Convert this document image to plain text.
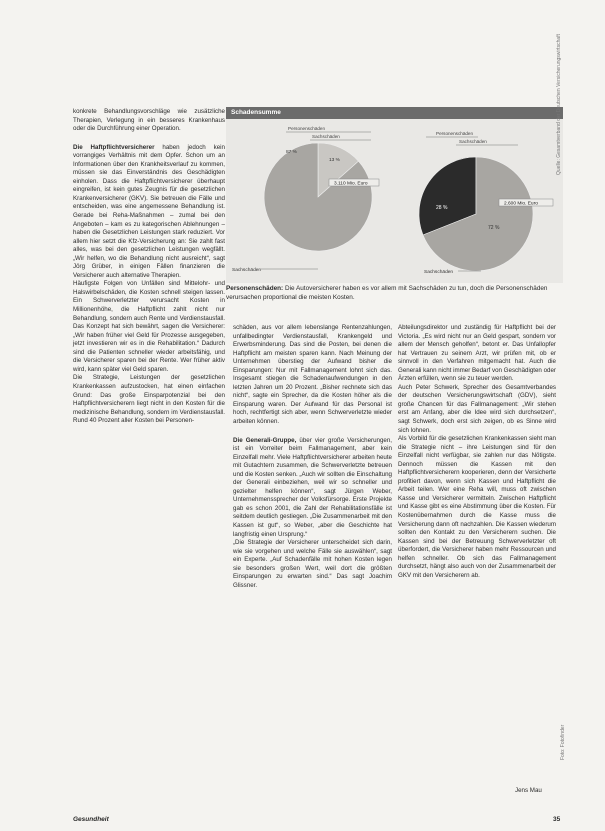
konkrete Behandlungsvorschläge wie zusätzliche Therapien, Verlegung in ein besseres Krankenhaus oder die Durchführung einer Operation.

Die Haftpflichtversicherer haben jedoch kein vorrangiges Verhältnis mit dem Opfer. Schon um an Informationen über den Krankheitsverlauf zu kommen, müssen sie das Einverständnis des Geschädigten einholen. Dass die Haftpflichtversicherer überhaupt eingreifen, ist kein gutes Zeugnis für die gesetzlichen Krankenversicherer (GKV). Sie betreuen die Fälle und entscheiden, was eine angemessene Behandlung ist. Gerade bei Reha-Maßnahmen – zumal bei den Angeboten – kam es zu kategorischen Ablehnungen – haben die Gesetzlichen Leistungen stark reduziert. Vor allem hier setzt die Kfz-Versicherung an: Sie zahlt fast alles, was bei den gesetzlichen Leistungen wegfällt. „Wir helfen, wo die Behandlung nicht ausreicht“, sagt Jörg Grüber, in einigen Fällen finanzieren die Versicherer auch alternative Therapien.
Häufigste Folgen von Unfällen sind Mittelohr- und Halswirbelschäden, die Kosten schnell steigen lassen. Ein Schwerverletzter verursacht Kosten in Millionenhöhe, die Haftpflicht zahlt nicht nur Behandlung, sondern auch Rente und Verdienstausfall. Das Konzept hat sich bewährt, sagen die Versicherer: „Wir haben früher viel Geld für Prozesse ausgegeben, jetzt investieren wir es in die Rehabilitation.“ Dadurch sind die Patienten schneller wieder arbeitsfähig, und die Versicherer sparen bei der Rente. Wer früher aktiv wird, kann später viel Geld sparen.
Die Strategie, Leistungen der gesetzlichen Krankenkassen aufzustocken, hat einen einfachen Grund: Das große Einsparpotenzial bei den Haftpflichtversicherern liegt nicht in den Kosten für die medizinische Behandlung, sondern im Verdienstausfall. Rund 40 Prozent aller Kosten bei Personen-

Schadensumme
Personenschäden
Sachschäden
13 %
87 %
3.110 Mio. Euro
Sachschäden
Personenschäden
Sachschäden
28 %
72 %
2.600 Mio. Euro
Sachschäden
Personenschäden: Die Autoversicherer haben es vor allem mit Sachschäden zu tun, doch die Personenschäden verursachen proportional die meisten Kosten.
Quelle: Gesamtverband der Deutschen Versicherungswirtschaft

schäden, aus vor allem lebenslange Rentenzahlungen, unfallbedingter Verdienstausfall, Krankengeld und Erwerbsminderung. Das sind die Posten, bei denen die Haftpflicht am meisten sparen kann. Nach Meinung der Unternehmen überstieg der Aufwand bisher die Einsparungen: Nur mit Fallmanagement lohnt sich das. Insgesamt stiegen die Schadenaufwendungen in den letzten Jahren um 20 Prozent. „Bisher rechnete sich das nicht“, sagte ein Sprecher, da die Kosten höher als die Einsparung waren. Der Aufwand für das Personal ist hoch, rechtfertigt sich aber, wenn Schwerverletzte wieder arbeiten können.

Die Generali-Gruppe, über vier große Versicherungen, ist ein Vorreiter beim Fallmanagement, aber kein Einzelfall mehr. Viele Haftpflichtversicherer arbeiten heute mit Gutachtern zusammen, die Schwerverletzte betreuen und die Kosten senken. „Auch wir sollten die Einschaltung der Generali einbeziehen, weil wir so schneller und gezielter helfen können“, sagt Jürgen Weber, Unternehmenssprecher der Volksfürsorge. Erste Projekte gab es schon 2001, die Zahl der Rehabilitationsfälle ist seitdem deutlich gestiegen. „Die Zusammenarbeit mit den Kassen ist gut“, so Weber, „aber die Geschichte hat langfristig einen Ursprung.“
„Die Strategie der Versicherer unterscheidet sich darin, wie sie vorgehen und welche Fälle sie auswählen“, sagt ein Experte. „Auf Schadenfälle mit hohen Kosten legen sie besonders großen Wert, weil dort die größten Einsparungen zu erwarten sind.“ Das sagt Joachim Glissner.

Abteilungsdirektor und zuständig für Haftpflicht bei der Victoria. „Es wird nicht nur an Geld gespart, sondern vor allem der Mensch geholfen“, betont er. Das Unfallopfer hat Vertrauen zu seinem Arzt, wir prüfen mit, ob er sinnvoll in den Verfahren mitgemacht hat. Auch die Generali kann nicht immer Bedarf von Geschädigten oder Ärzten erfüllen, wenn sie zu teuer werden.
Auch Peter Schwerk, Sprecher des Gesamtverbandes der deutschen Versicherungswirtschaft (GDV), sieht große Chancen für das Fallmanagement: „Wir stehen erst am Anfang, aber die Idee wird sich durchsetzen“, sagt Schwerk, doch erst sich zeigen, ob es Sinne wird sich lohnen.
Als Vorbild für die gesetzlichen Krankenkassen sieht man die Strategie nicht – ihre Leistungen sind für den Einzelfall nicht verfügbar, sie zahlen nur das Nötigste. Dennoch müssen die Kassen mit den Haftpflichtversicherern kooperieren, denn der Versicherte profitiert davon, wenn sich Kassen und Haftpflicht die Arbeit teilen. Wer eine Reha will, muss oft zwischen Kasse und Versicherer vermitteln. Zwischen Haftpflicht und Kasse gibt es eine Abstimmung über die Kosten. Für Kostenübernahmen durch die Kasse muss die Versicherung dann oft nachzahlen. Die Kassen wiederum sollten den Kontakt zu den Versicherern suchen. Die Kassen sind bei der Betreuung Schwerverletzter oft überfordert, die Versicherer haben mehr Ressourcen und helfen schneller. Ob sich das Fallmanagement durchsetzt, hängt also auch von der Zusammenarbeit der GKV mit den Versicherern ab.

Foto: Fotofinder
Jens Mau
Gesundheit	35
